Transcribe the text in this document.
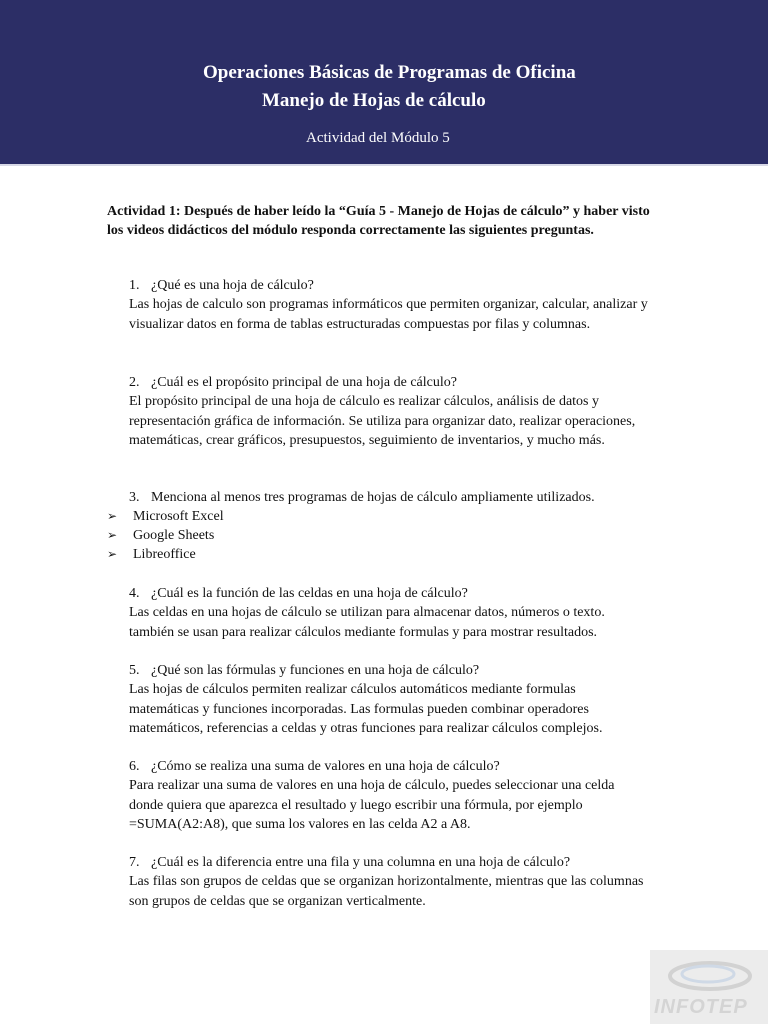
Operaciones Básicas de Programas de Oficina
Manejo de Hojas de cálculo
Actividad del Módulo 5
Actividad 1: Después de haber leído la “Guía 5 - Manejo de Hojas de cálculo” y haber visto los videos didácticos del módulo responda correctamente las siguientes preguntas.
1. ¿Qué es una hoja de cálculo?

Las hojas de calculo son programas informáticos que permiten organizar, calcular, analizar y visualizar datos en forma de tablas estructuradas compuestas por filas y columnas.

2. ¿Cuál es el propósito principal de una hoja de cálculo?

El propósito principal de una hoja de cálculo es realizar cálculos, análisis de datos y representación gráfica de información. Se utiliza para organizar dato, realizar operaciones, matemáticas, crear gráficos, presupuestos, seguimiento de inventarios, y mucho más.

3. Menciona al menos tres programas de hojas de cálculo ampliamente utilizados.
➢ Microsoft Excel
➢ Google Sheets
➢ Libreoffice
4. ¿Cuál es la función de las celdas en una hoja de cálculo?

Las celdas en una hojas de cálculo se utilizan para almacenar datos, números o texto. también se usan para realizar cálculos mediante formulas y para mostrar resultados.

5. ¿Qué son las fórmulas y funciones en una hoja de cálculo?

Las hojas de cálculos permiten realizar cálculos automáticos mediante formulas matemáticas y funciones incorporadas. Las formulas pueden combinar operadores matemáticos, referencias a celdas y otras funciones para realizar cálculos complejos.

6. ¿Cómo se realiza una suma de valores en una hoja de cálculo?

Para realizar una suma de valores en una hoja de cálculo, puedes seleccionar una celda donde quiera que aparezca el resultado y luego escribir una fórmula, por ejemplo =SUMA(A2:A8), que suma los valores en las celda A2 a A8.

7. ¿Cuál es la diferencia entre una fila y una columna en una hoja de cálculo?

Las filas son grupos de celdas que se organizan horizontalmente, mientras que las columnas son grupos de celdas que se organizan verticalmente.

INFOTEP
